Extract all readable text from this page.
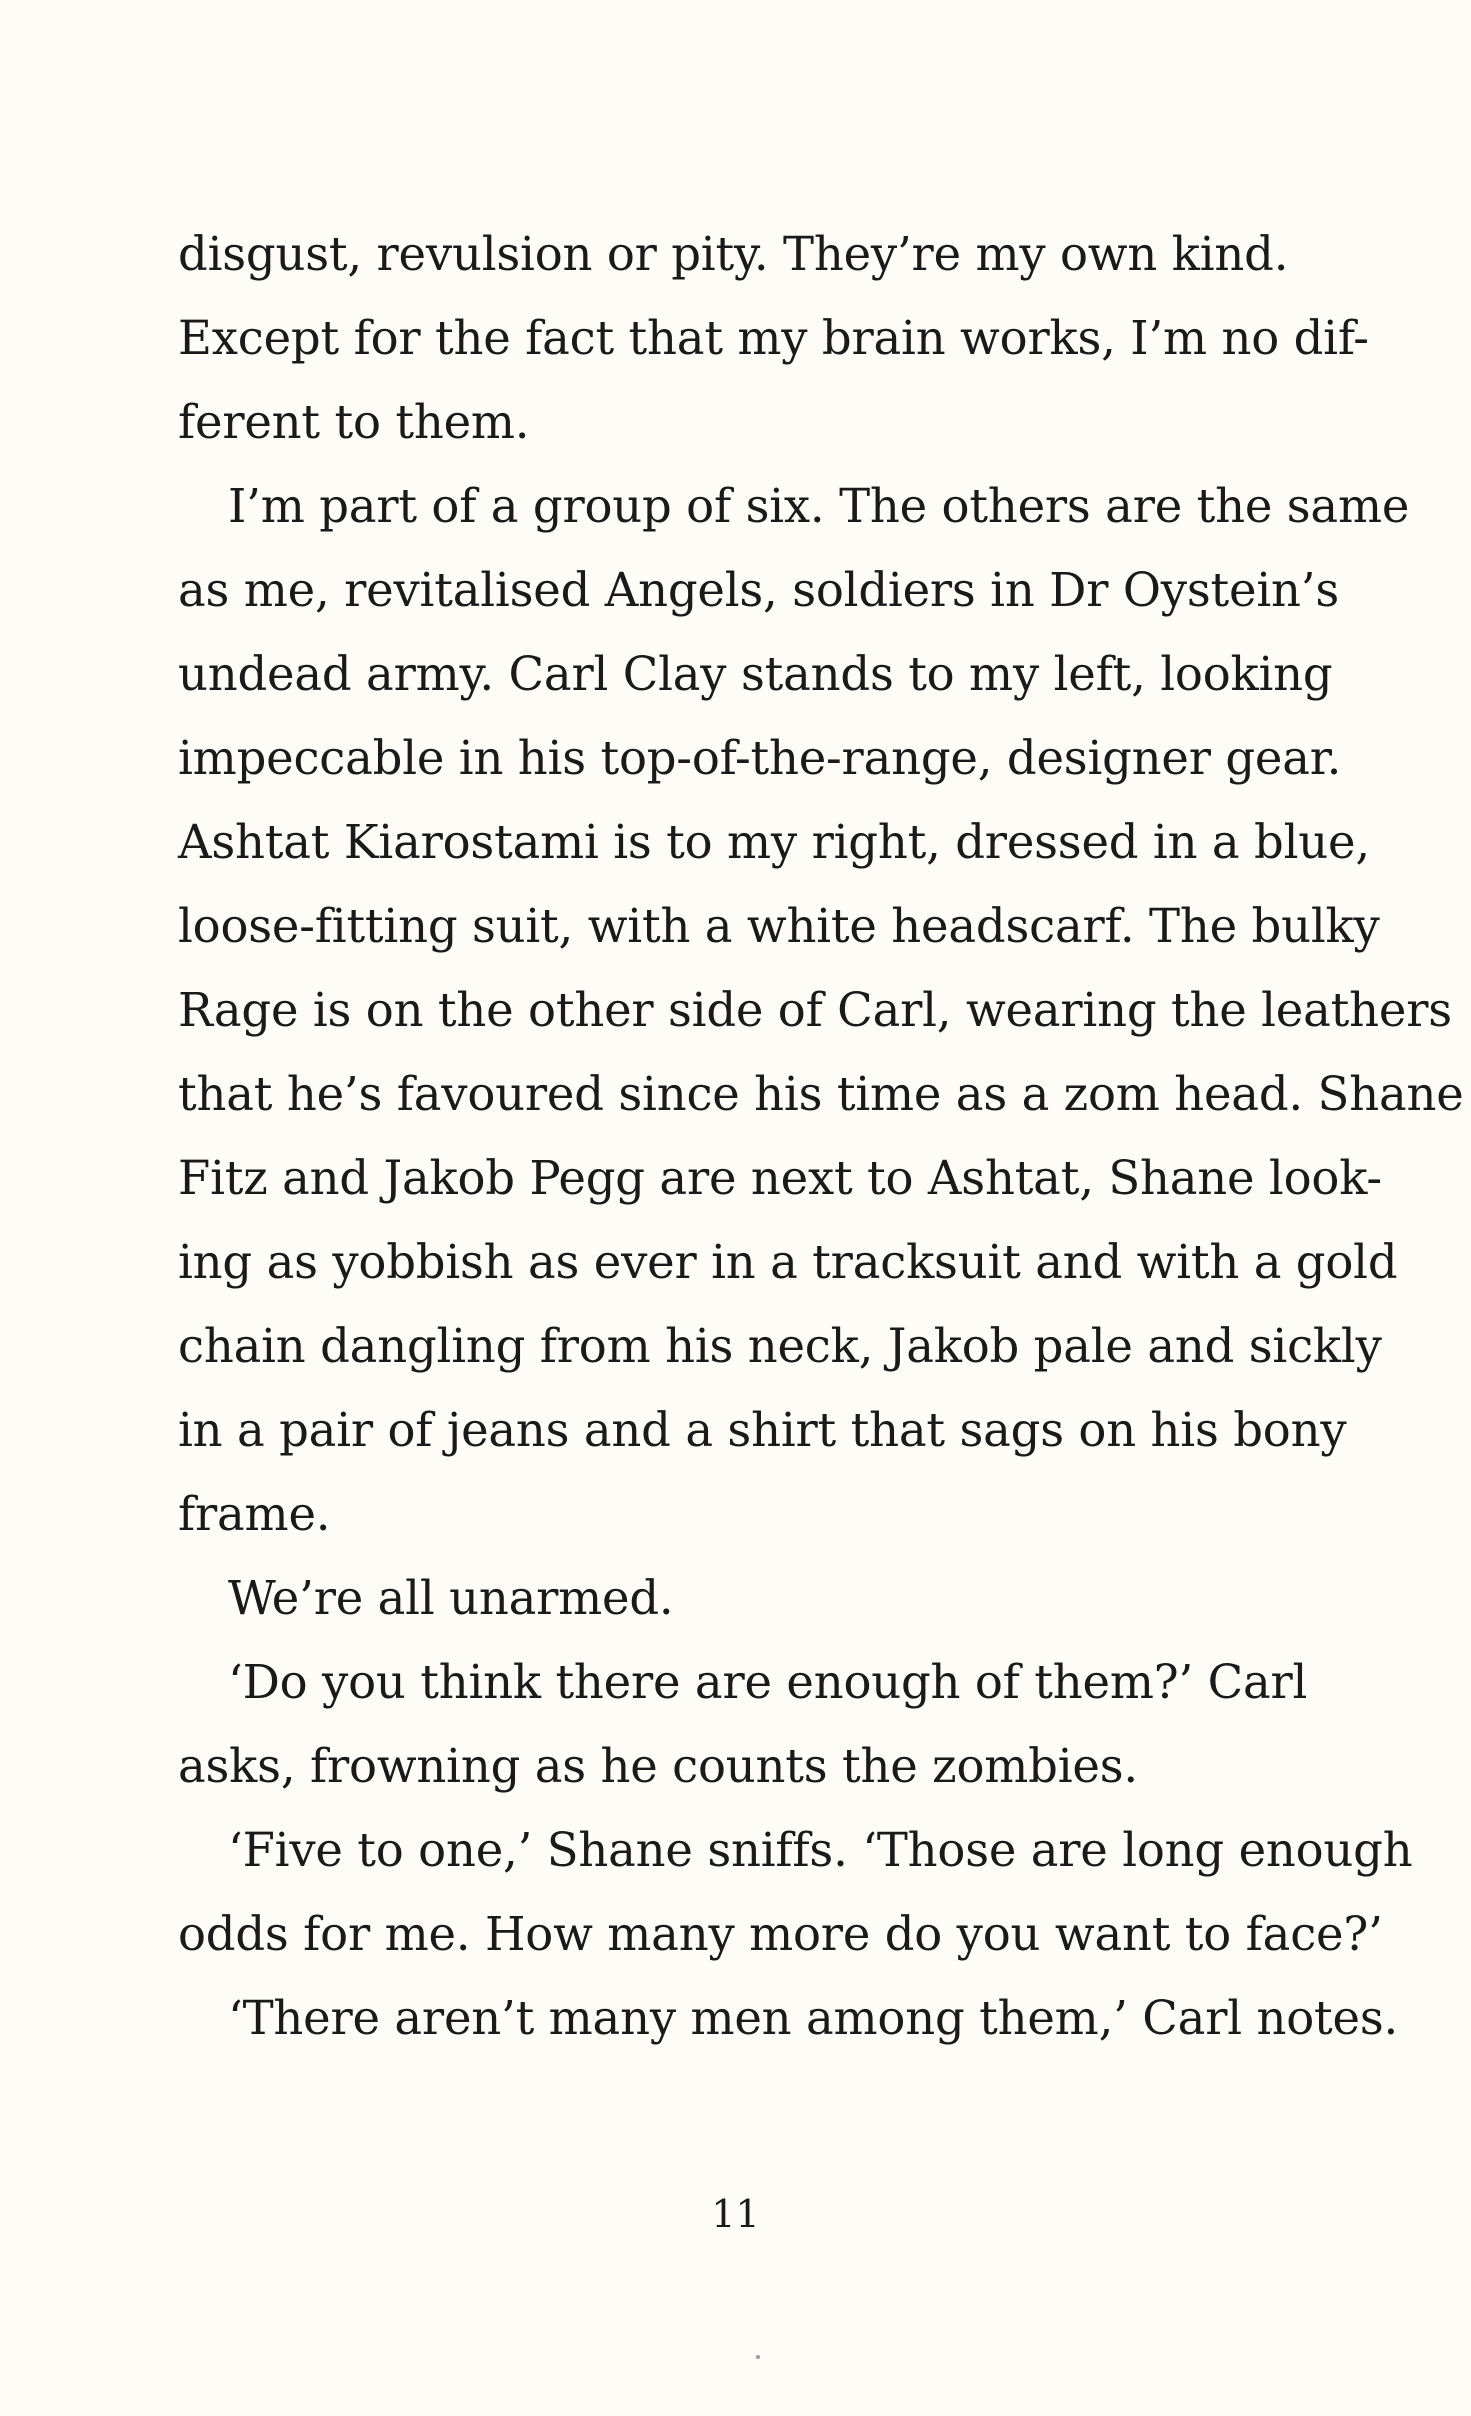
disgust, revulsion or pity. They’re my own kind.
Except for the fact that my brain works, I’m no dif-
ferent to them.
I’m part of a group of six. The others are the same
as me, revitalised Angels, soldiers in Dr Oystein’s
undead army. Carl Clay stands to my left, looking
impeccable in his top-of-the-range, designer gear.
Ashtat Kiarostami is to my right, dressed in a blue,
loose-fitting suit, with a white headscarf. The bulky
Rage is on the other side of Carl, wearing the leathers
that he’s favoured since his time as a zom head. Shane
Fitz and Jakob Pegg are next to Ashtat, Shane look-
ing as yobbish as ever in a tracksuit and with a gold
chain dangling from his neck, Jakob pale and sickly
in a pair of jeans and a shirt that sags on his bony
frame.
We’re all unarmed.
‘Do you think there are enough of them?’ Carl
asks, frowning as he counts the zombies.
‘Five to one,’ Shane sniffs. ‘Those are long enough
odds for me. How many more do you want to face?’
‘There aren’t many men among them,’ Carl notes.
11
